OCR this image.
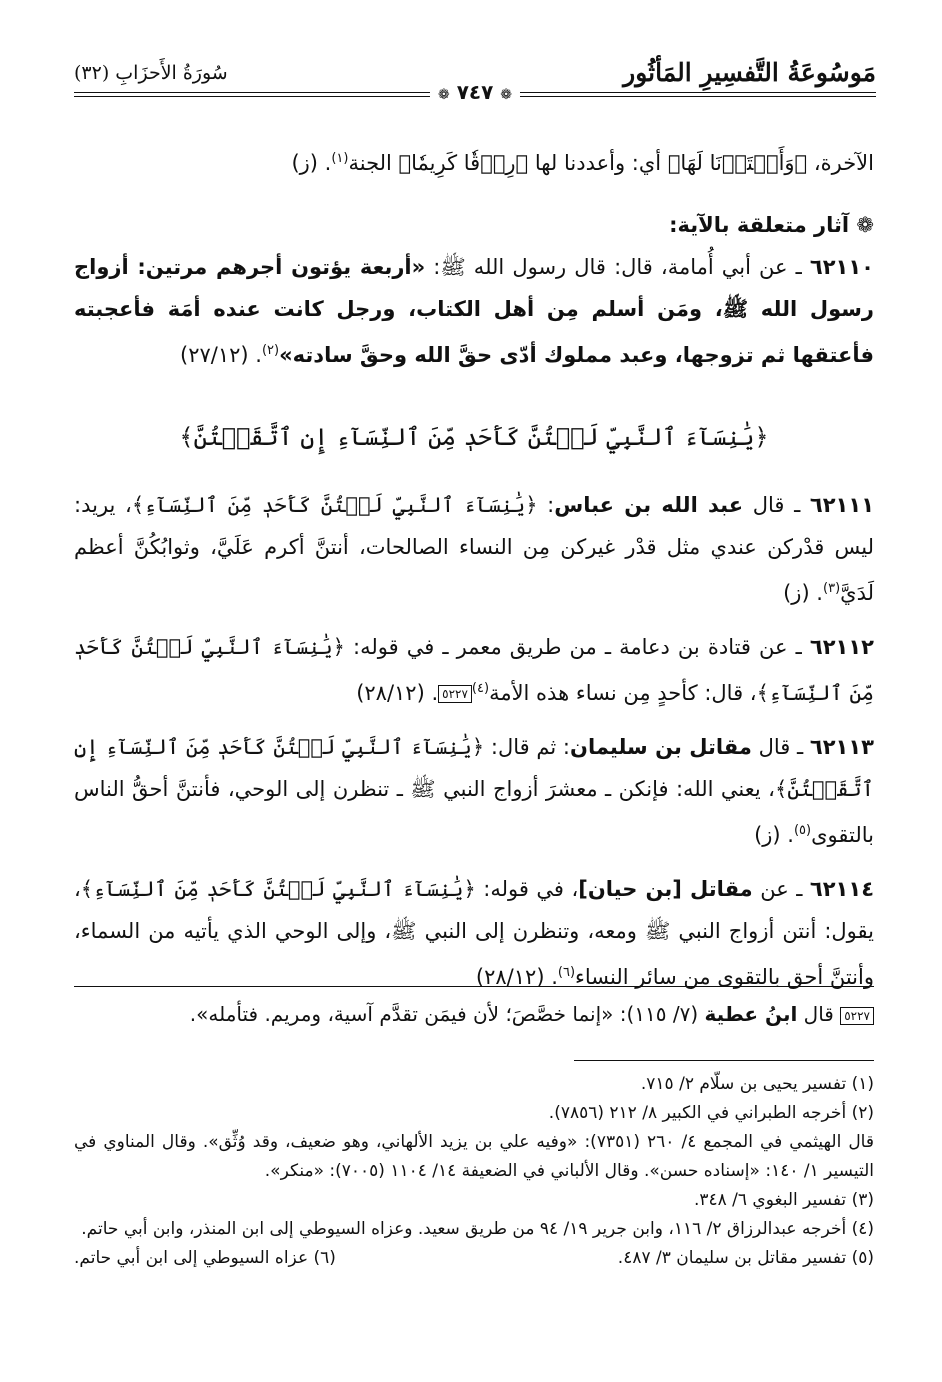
مَوسُوعَةُ التَّفسِيرِ المَأثُور
سُورَةُ الأَحزَابِ (٣٢)
❁ ٧٤٧ ❁

الآخرة، ﴿وَأَعۡتَدۡنَا لَهَا﴾ أي: وأعددنا لها ﴿رِزۡقٗا كَرِيمٗا﴾ الجنة$^{(١)}$. (ز)

❁ آثار متعلقة بالآية:

٦٢١١٠ ـ عن أبي أُمامة، قال: قال رسول الله ﷺ: «أربعة يؤتون أجرهم مرتين: أزواج رسول الله ﷺ، ومَن أسلم مِن أهل الكتاب، ورجل كانت عنده أمَة فأعجبته فأعتقها ثم تزوجها، وعبد مملوك أدّى حقَّ الله وحقَّ سادته»$^{(٢)}$. (٢٧/١٢)

﴿يَٰنِسَآءَ ٱلنَّبِيِّ لَسۡتُنَّ كَأَحَدٖ مِّنَ ٱلنِّسَآءِ إِنِ ٱتَّقَيۡتُنَّ﴾

٦٢١١١ ـ قال عبد الله بن عباس: ﴿يَٰنِسَآءَ ٱلنَّبِيِّ لَسۡتُنَّ كَأَحَدٖ مِّنَ ٱلنِّسَآءِ﴾، يريد: ليس قدْركن عندي مثل قدْر غيركن مِن النساء الصالحات، أنتنَّ أكرم عَلَيَّ، وثوابُكُنَّ أعظم لَدَيَّ$^{(٣)}$. (ز)

٦٢١١٢ ـ عن قتادة بن دعامة ـ من طريق معمر ـ في قوله: ﴿يَٰنِسَآءَ ٱلنَّبِيِّ لَسۡتُنَّ كَأَحَدٖ مِّنَ ٱلنِّسَآءِ﴾، قال: كأحدٍ مِن نساء هذه الأمة$^{(٤)}$٥٢٢٧. (٢٨/١٢)

٦٢١١٣ ـ قال مقاتل بن سليمان: ثم قال: ﴿يَٰنِسَآءَ ٱلنَّبِيِّ لَسۡتُنَّ كَأَحَدٖ مِّنَ ٱلنِّسَآءِ إِنِ ٱتَّقَيۡتُنَّ﴾، يعني الله: فإنكن ـ معشرَ أزواج النبي ﷺ ـ تنظرن إلى الوحي، فأنتنَّ أحقُّ الناس بالتقوى$^{(٥)}$. (ز)

٦٢١١٤ ـ عن مقاتل [بن حيان]، في قوله: ﴿يَٰنِسَآءَ ٱلنَّبِيِّ لَسۡتُنَّ كَأَحَدٖ مِّنَ ٱلنِّسَآءِ﴾، يقول: أنتن أزواج النبي ﷺ ومعه، وتنظرن إلى النبي ﷺ، وإلى الوحي الذي يأتيه من السماء، وأنتنَّ أحق بالتقوى من سائر النساء$^{(٦)}$. (٢٨/١٢)

٥٢٢٧ قال ابنُ عطية (٧/ ١١٥): «إنما خصَّصَ؛ لأن فيمَن تقدَّم آسية، ومريم. فتأمله».
(١) تفسير يحيى بن سلّام ٢/ ٧١٥.
(٢) أخرجه الطبراني في الكبير ٨/ ٢١٢ (٧٨٥٦).
قال الهيثمي في المجمع ٤/ ٢٦٠ (٧٣٥١): «وفيه علي بن يزيد الألهاني، وهو ضعيف، وقد وُثِّق». وقال المناوي في التيسير ١/ ١٤٠: «إسناده حسن». وقال الألباني في الضعيفة ١٤/ ١١٠٤ (٧٠٠٥): «منكر».
(٣) تفسير البغوي ٦/ ٣٤٨.
(٤) أخرجه عبدالرزاق ٢/ ١١٦، وابن جرير ١٩/ ٩٤ من طريق سعيد. وعزاه السيوطي إلى ابن المنذر، وابن أبي حاتم.
(٥) تفسير مقاتل بن سليمان ٣/ ٤٨٧.
(٦) عزاه السيوطي إلى ابن أبي حاتم.
